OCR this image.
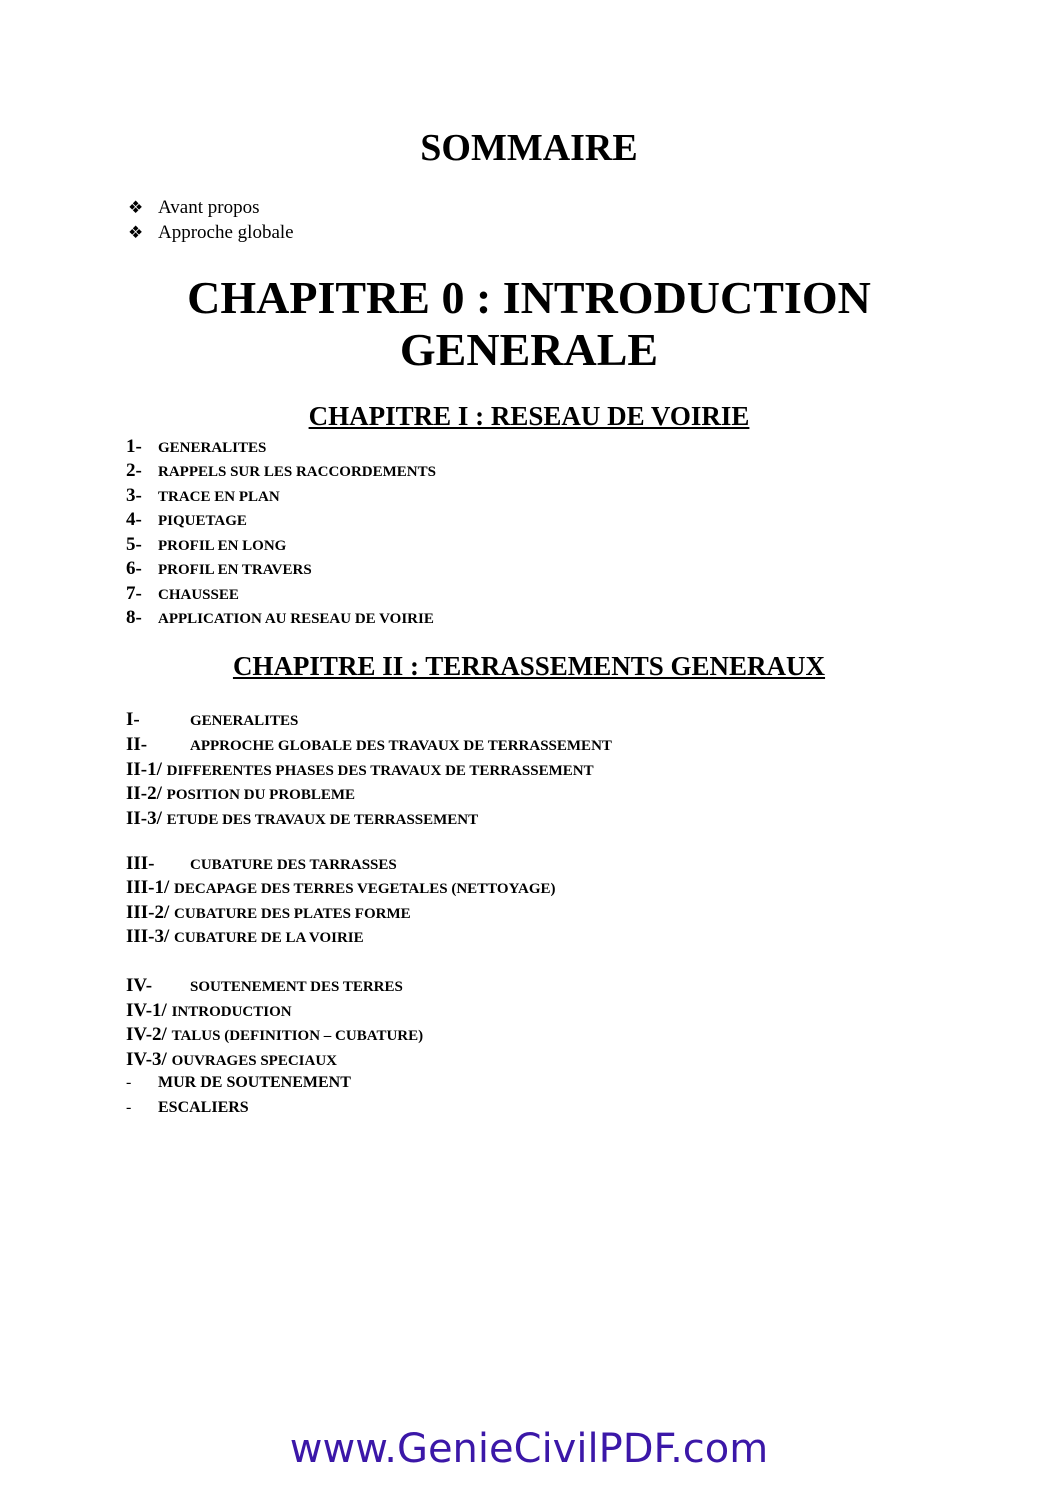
SOMMAIRE
❖ Avant propos
❖ Approche globale
CHAPITRE 0 : INTRODUCTION
GENERALE
CHAPITRE I : RESEAU DE VOIRIE
1- GENERALITES
2- RAPPELS SUR LES RACCORDEMENTS
3- TRACE EN PLAN
4- PIQUETAGE
5- PROFIL EN LONG
6- PROFIL EN TRAVERS
7- CHAUSSEE
8- APPLICATION AU RESEAU DE VOIRIE
CHAPITRE II : TERRASSEMENTS GENERAUX
I-	GENERALITES
II-	APPROCHE GLOBALE DES TRAVAUX DE TERRASSEMENT
II-1/ DIFFERENTES PHASES DES TRAVAUX DE TERRASSEMENT
II-2/ POSITION DU PROBLEME
II-3/ ETUDE DES TRAVAUX DE TERRASSEMENT
III- CUBATURE DES TARRASSES
III-1/ DECAPAGE DES TERRES VEGETALES (NETTOYAGE)
III-2/ CUBATURE DES PLATES FORME
III-3/ CUBATURE DE LA VOIRIE
IV-	SOUTENEMENT DES TERRES
IV-1/ INTRODUCTION
IV-2/ TALUS (DEFINITION – CUBATURE)
IV-3/ OUVRAGES SPECIAUX
- MUR DE SOUTENEMENT
- ESCALIERS
www.GenieCivilPDF.com
